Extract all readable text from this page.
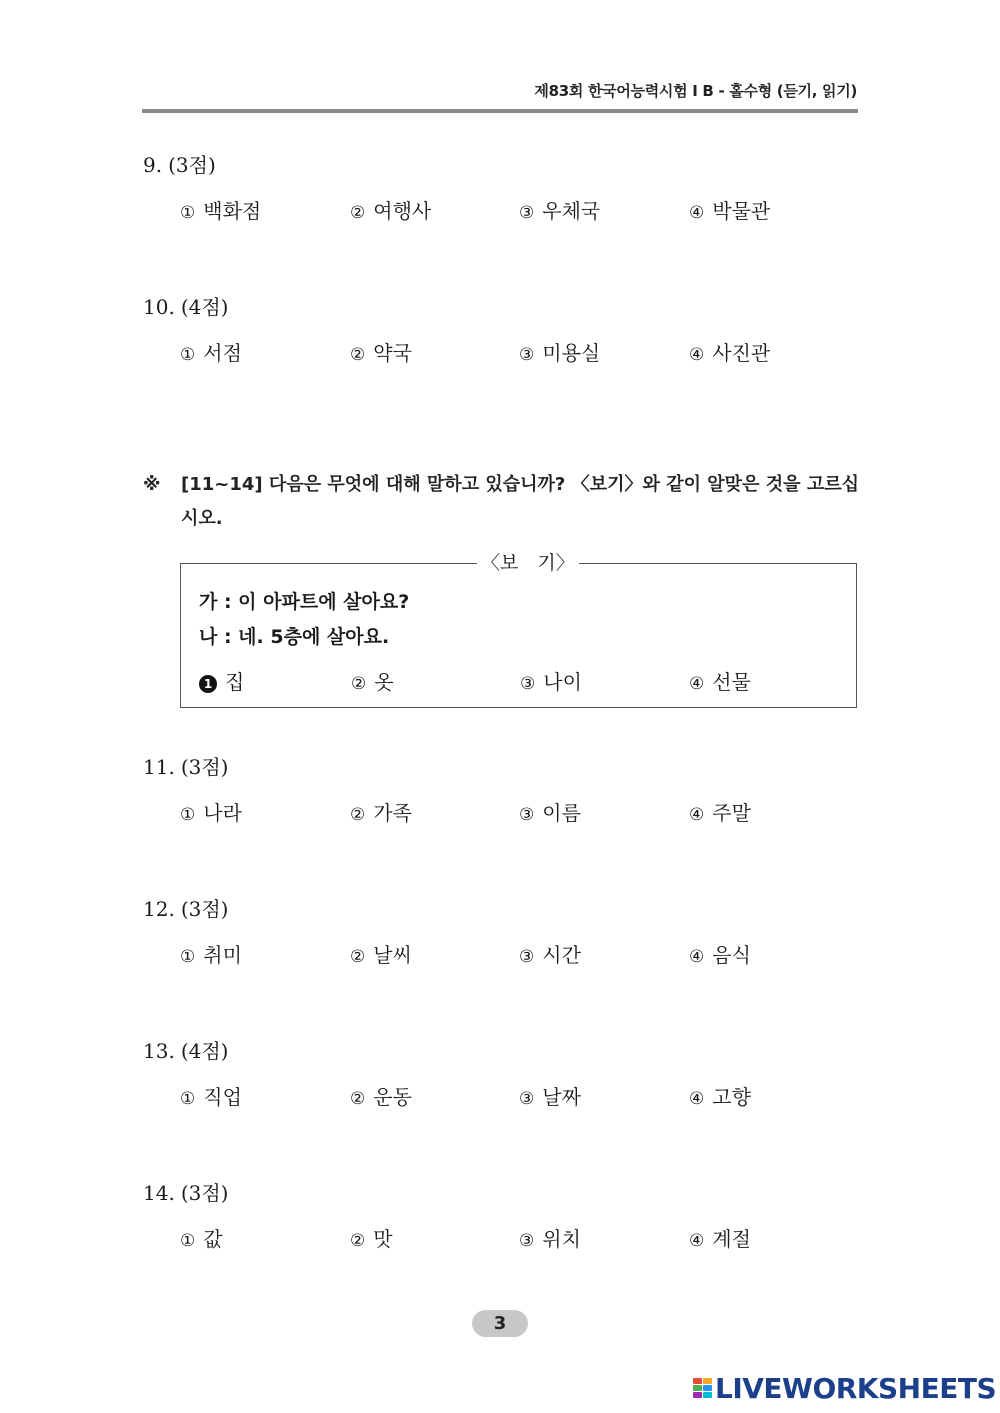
제83회 한국어능력시험 I B - 홀수형 (듣기, 읽기)
9. (3점)
① 백화점	② 여행사	③ 우체국	④ 박물관
10. (4점)
① 서점	② 약국	③ 미용실	④ 사진관
※ [11~14] 다음은 무엇에 대해 말하고 있습니까? 〈보기〉와 같이 알맞은 것을 고르십시오.
〈보　기〉
가 : 이 아파트에 살아요?
나 : 네. 5층에 살아요.
1 집	② 옷	③ 나이	④ 선물
11. (3점)
① 나라	② 가족	③ 이름	④ 주말
12. (3점)
① 취미	② 날씨	③ 시간	④ 음식
13. (4점)
① 직업	② 운동	③ 날짜	④ 고향
14. (3점)
① 값	② 맛	③ 위치	④ 계절
3
LIVEWORKSHEETS
